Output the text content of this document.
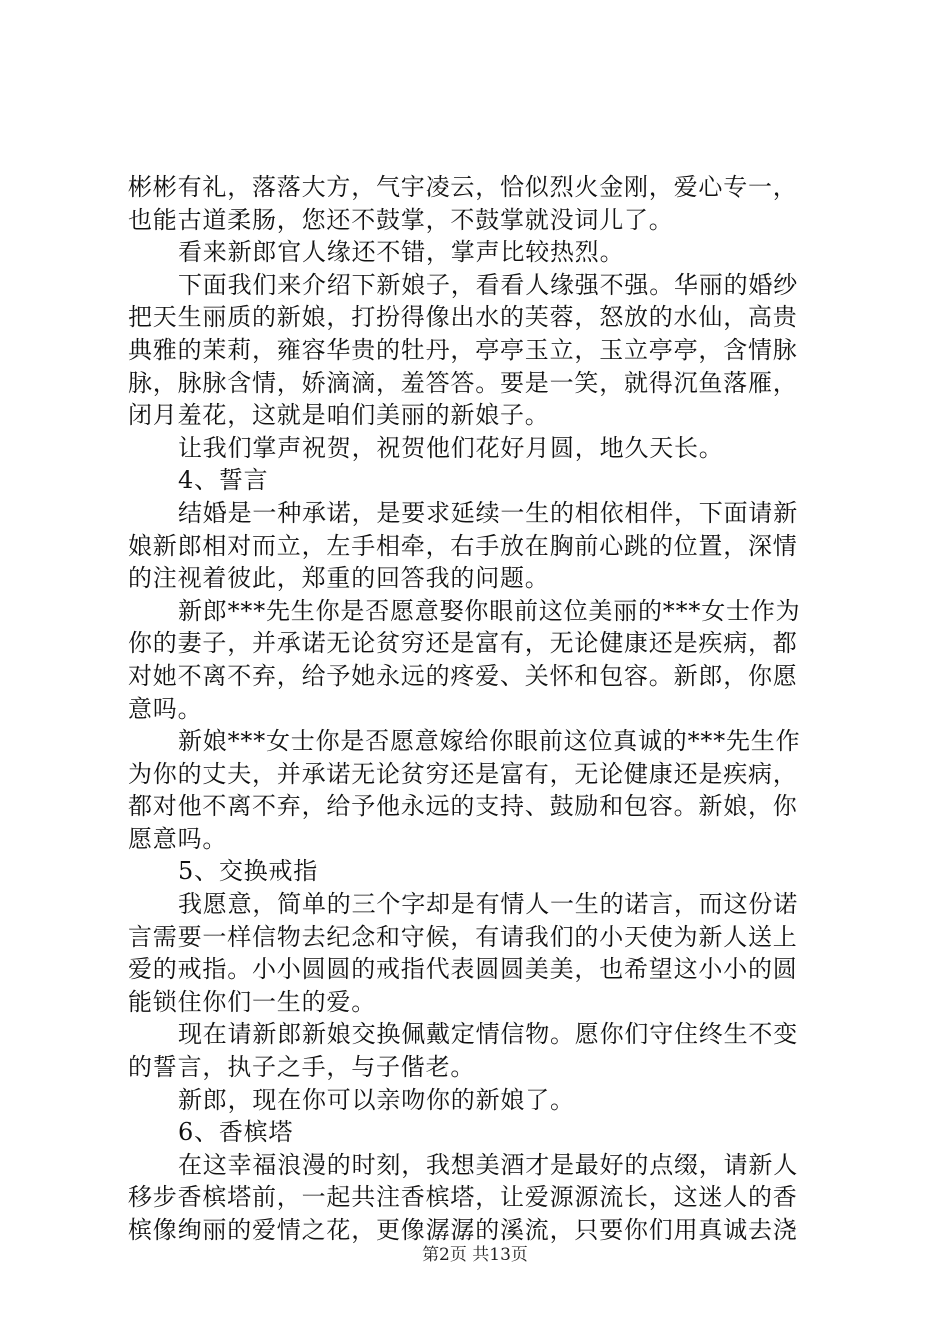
彬彬有礼，落落大方，气宇凌云，恰似烈火金刚，爱心专一，
也能古道柔肠，您还不鼓掌，不鼓掌就没词儿了。
看来新郎官人缘还不错，掌声比较热烈。
下面我们来介绍下新娘子，看看人缘强不强。华丽的婚纱
把天生丽质的新娘，打扮得像出水的芙蓉，怒放的水仙，高贵
典雅的茉莉，雍容华贵的牡丹，亭亭玉立，玉立亭亭，含情脉
脉，脉脉含情，娇滴滴，羞答答。要是一笑，就得沉鱼落雁，
闭月羞花，这就是咱们美丽的新娘子。
让我们掌声祝贺，祝贺他们花好月圆，地久天长。
4、誓言
结婚是一种承诺，是要求延续一生的相依相伴，下面请新
娘新郎相对而立，左手相牵，右手放在胸前心跳的位置，深情
的注视着彼此，郑重的回答我的问题。
新郎***先生你是否愿意娶你眼前这位美丽的***女士作为
你的妻子，并承诺无论贫穷还是富有，无论健康还是疾病，都
对她不离不弃，给予她永远的疼爱、关怀和包容。新郎，你愿
意吗。
新娘***女士你是否愿意嫁给你眼前这位真诚的***先生作
为你的丈夫，并承诺无论贫穷还是富有，无论健康还是疾病，
都对他不离不弃，给予他永远的支持、鼓励和包容。新娘，你
愿意吗。
5、交换戒指
我愿意，简单的三个字却是有情人一生的诺言，而这份诺
言需要一样信物去纪念和守候，有请我们的小天使为新人送上
爱的戒指。小小圆圆的戒指代表圆圆美美，也希望这小小的圆
能锁住你们一生的爱。
现在请新郎新娘交换佩戴定情信物。愿你们守住终生不变
的誓言，执子之手，与子偕老。
新郎，现在你可以亲吻你的新娘了。
6、香槟塔
在这幸福浪漫的时刻，我想美酒才是最好的点缀，请新人
移步香槟塔前，一起共注香槟塔，让爱源源流长，这迷人的香
槟像绚丽的爱情之花，更像潺潺的溪流，只要你们用真诚去浇
第2页 共13页
